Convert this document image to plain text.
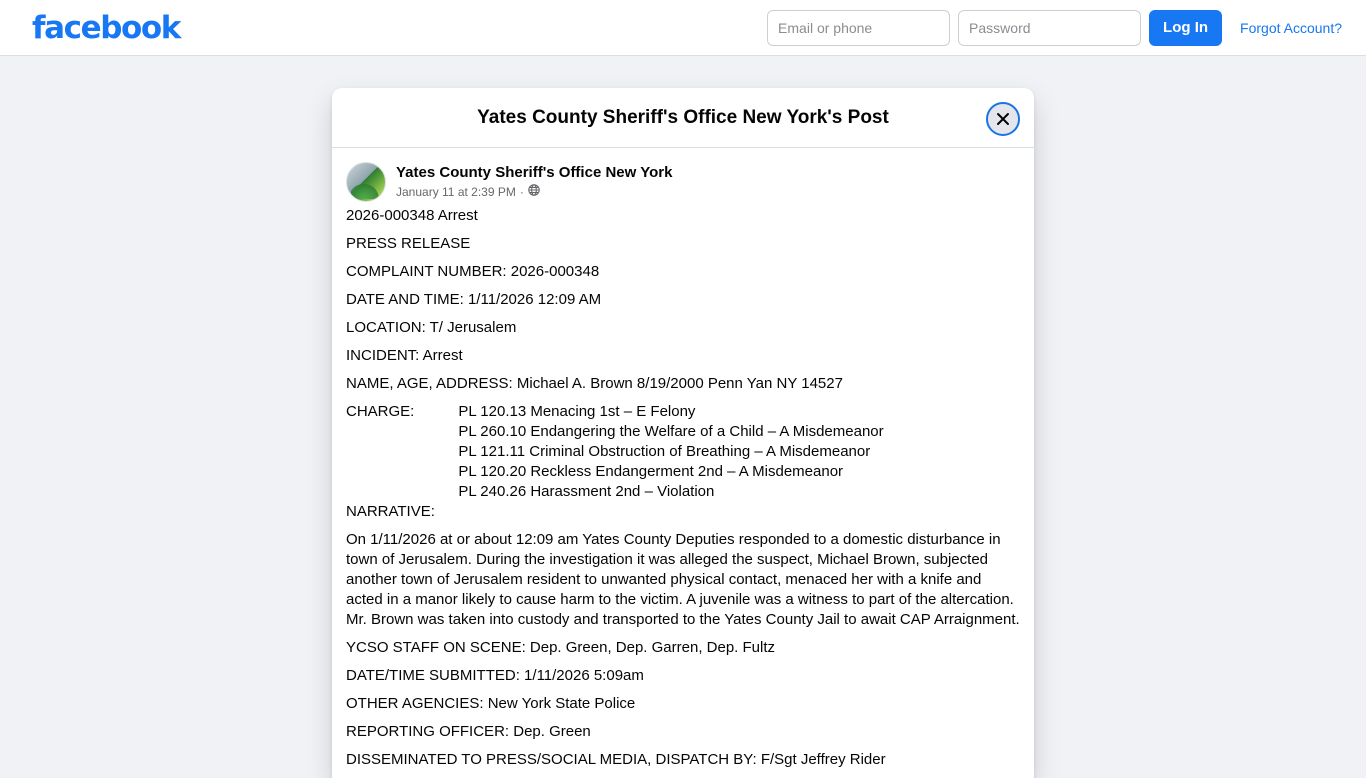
facebook
Email or phone	Log In	Forgot Account?
Yates County Sheriff's Office New York's Post
Yates County Sheriff's Office New York
January 11 at 2:39 PM ·

2026-000348 Arrest

PRESS RELEASE

COMPLAINT NUMBER: 2026-000348

DATE AND TIME: 1/11/2026 12:09 AM

LOCATION: T/ Jerusalem

INCIDENT: Arrest

NAME, AGE, ADDRESS: Michael A. Brown 8/19/2000 Penn Yan NY 14527

CHARGE:	PL 120.13 Menacing 1st – E Felony
PL 260.10 Endangering the Welfare of a Child – A Misdemeanor
PL 121.11 Criminal Obstruction of Breathing – A Misdemeanor
PL 120.20 Reckless Endangerment 2nd – A Misdemeanor
PL 240.26 Harassment 2nd – Violation

NARRATIVE:

On 1/11/2026 at or about 12:09 am Yates County Deputies responded to a domestic disturbance in town of Jerusalem. During the investigation it was alleged the suspect, Michael Brown, subjected another town of Jerusalem resident to unwanted physical contact, menaced her with a knife and acted in a manor likely to cause harm to the victim. A juvenile was a witness to part of the altercation. Mr. Brown was taken into custody and transported to the Yates County Jail to await CAP Arraignment.

YCSO STAFF ON SCENE: Dep. Green, Dep. Garren, Dep. Fultz

DATE/TIME SUBMITTED: 1/11/2026 5:09am

OTHER AGENCIES: New York State Police

REPORTING OFFICER: Dep. Green

DISSEMINATED TO PRESS/SOCIAL MEDIA, DISPATCH BY: F/Sgt Jeffrey Rider
